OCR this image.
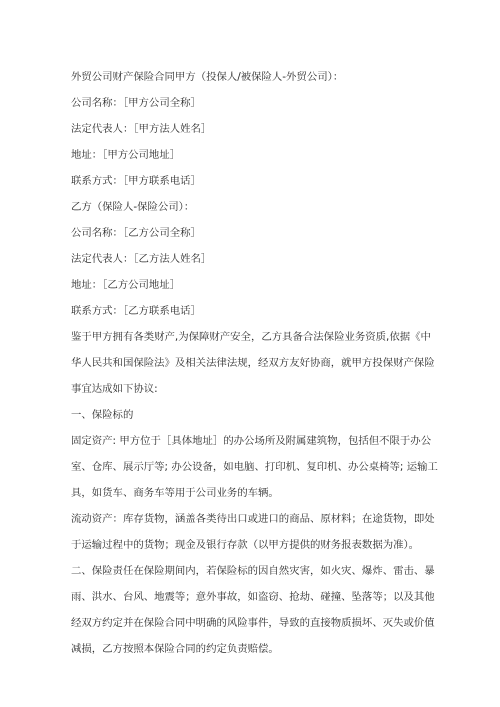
外贸公司财产保险合同甲方（投保人/被保险人-外贸公司）：

公司名称：［甲方公司全称］

法定代表人：［甲方法人姓名］

地址：［甲方公司地址］

联系方式：［甲方联系电话］

乙方（保险人-保险公司）：

公司名称：［乙方公司全称］

法定代表人：［乙方法人姓名］

地址：［乙方公司地址］

联系方式：［乙方联系电话］

鉴于甲方拥有各类财产,为保障财产安全，乙方具备合法保险业务资质,依据《中华人民共和国保险法》及相关法律法规，经双方友好协商，就甲方投保财产保险事宜达成如下协议:

一、保险标的

固定资产: 甲方位于［具体地址］的办公场所及附属建筑物，包括但不限于办公室、仓库、展示厅等; 办公设备，如电脑、打印机、复印机、办公桌椅等; 运输工具，如货车、商务车等用于公司业务的车辆。

流动资产：库存货物，涵盖各类待出口或进口的商品、原材料；在途货物，即处于运输过程中的货物；现金及银行存款（以甲方提供的财务报表数据为准）。

二、保险责任在保险期间内，若保险标的因自然灾害，如火灾、爆炸、雷击、暴雨、洪水、台风、地震等；意外事故，如盗窃、抢劫、碰撞、坠落等；以及其他经双方约定并在保险合同中明确的风险事件，导致的直接物质损坏、灭失或价值减损，乙方按照本保险合同的约定负责赔偿。
